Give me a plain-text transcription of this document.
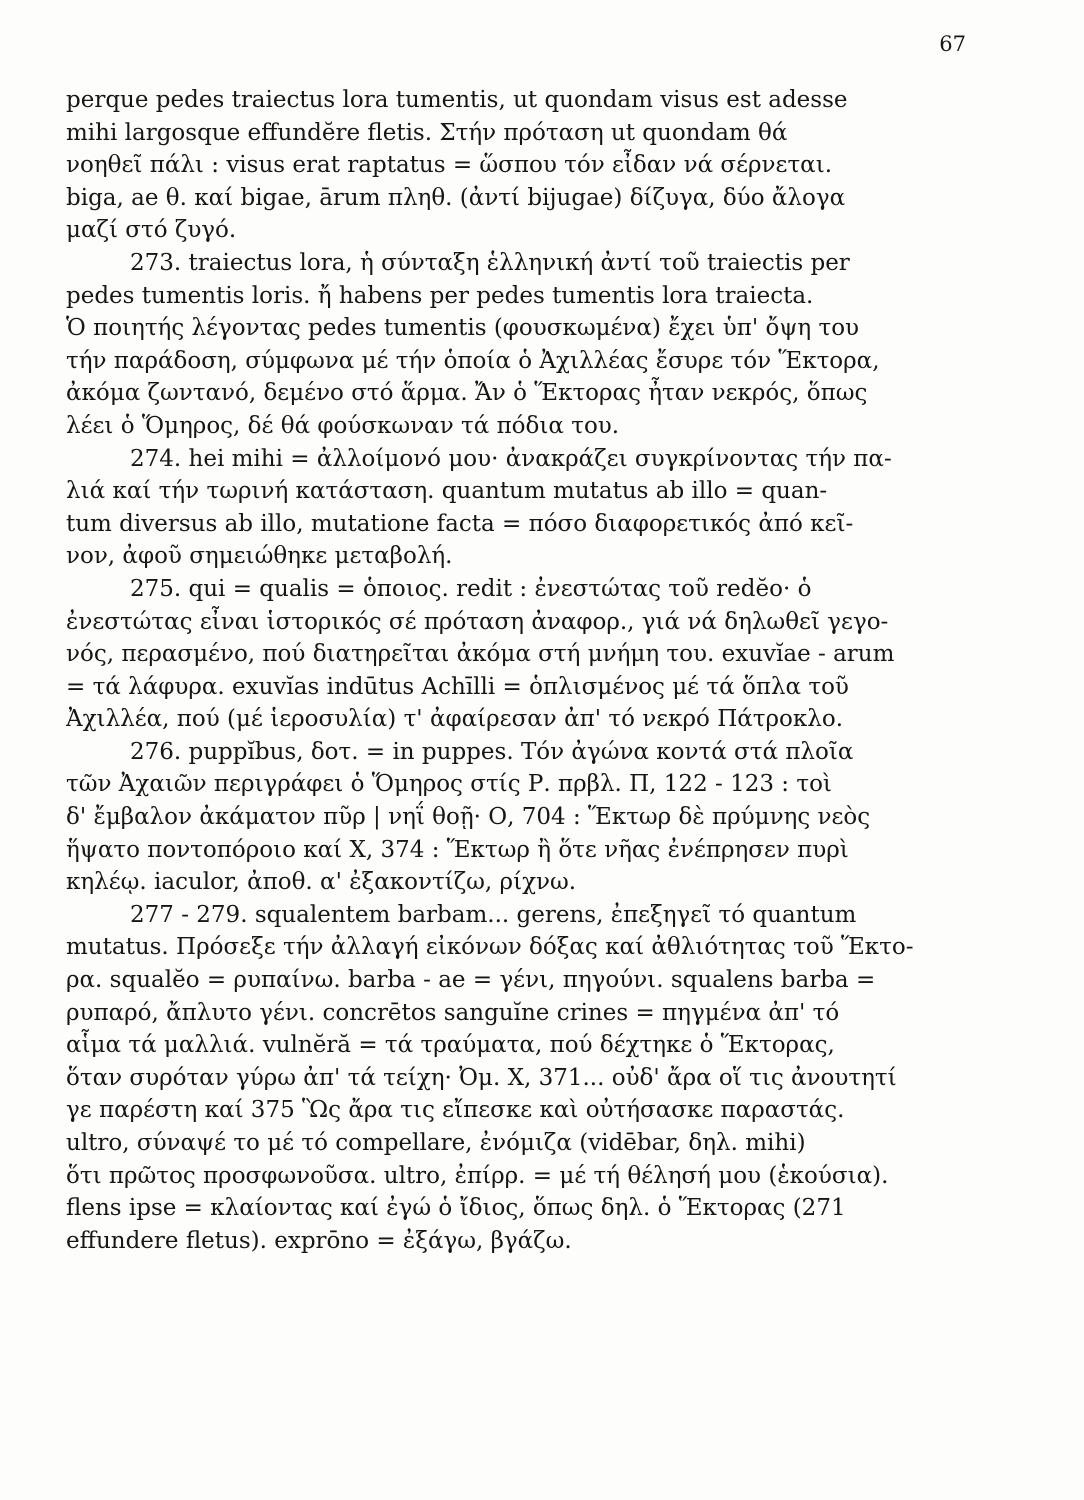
67
perque pedes traiectus lora tumentis, ut quondam visus est adesse
mihi largosque effundĕre fletis. Στήν πρόταση ut quondam θά
νοηθεῖ πάλι : visus erat raptatus = ὥσπου τόν εἶδαν νά σέρνεται.
biga, ae θ. καί bigae, ārum πληθ. (ἀντί bijugae) δίζυγα, δύο ἄλογα
μαζί στό ζυγό.
273. traiectus lora, ἡ σύνταξη ἑλληνική ἀντί τοῦ traiectis per
pedes tumentis loris. ἤ habens per pedes tumentis lora traiecta.
Ὁ ποιητής λέγοντας pedes tumentis (φουσκωμένα) ἔχει ὑπ' ὄψη του
τήν παράδοση, σύμφωνα μέ τήν ὁποία ὁ Ἀχιλλέας ἔσυρε τόν Ἕκτορα,
ἀκόμα ζωντανό, δεμένο στό ἅρμα. Ἄν ὁ Ἕκτορας ἦταν νεκρός, ὅπως
λέει ὁ Ὅμηρος, δέ θά φούσκωναν τά πόδια του.
274. hei mihi = ἀλλοίμονό μου· ἀνακράζει συγκρίνοντας τήν πα-
λιά καί τήν τωρινή κατάσταση. quantum mutatus ab illo = quan-
tum diversus ab illo, mutatione facta = πόσο διαφορετικός ἀπό κεῖ-
νον, ἀφοῦ σημειώθηκε μεταβολή.
275. qui = qualis = ὁποιος. redit : ἐνεστώτας τοῦ redĕo· ὁ
ἐνεστώτας εἶναι ἱστορικός σέ πρόταση ἀναφορ., γιά νά δηλωθεῖ γεγο-
νός, περασμένο, πού διατηρεῖται ἀκόμα στή μνήμη του. exuvĭae - arum
= τά λάφυρα. exuvĭas indūtus Achīlli = ὁπλισμένος μέ τά ὅπλα τοῦ
Ἀχιλλέα, πού (μέ ἱεροσυλία) τ' ἀφαίρεσαν ἀπ' τό νεκρό Πάτροκλο.
276. puppĭbus, δοτ. = in puppes. Τόν ἀγώνα κοντά στά πλοῖα
τῶν Ἀχαιῶν περιγράφει ὁ Ὅμηρος στίς Ρ. πρβλ. Π, 122 - 123 : τοὶ
δ' ἔμβαλον ἀκάματον πῦρ | νηΐ θοῇ· Ο, 704 : Ἕκτωρ δὲ πρύμνης νεὸς
ἥψατο ποντοπόροιο καί Χ, 374 : Ἕκτωρ ἢ ὅτε νῆας ἐνέπρησεν πυρὶ
κηλέῳ. iaculor, ἀποθ. α' ἐξακοντίζω, ρίχνω.
277 - 279. squalentem barbam... gerens, ἐπεξηγεῖ τό quantum
mutatus. Πρόσεξε τήν ἀλλαγή εἰκόνων δόξας καί ἀθλιότητας τοῦ Ἕκτο-
ρα. squalĕo = ρυπαίνω. barba - ae = γένι, πηγούνι. squalens barba =
ρυπαρό, ἄπλυτο γένι. concrētos sanguĭne crines = πηγμένα ἀπ' τό
αἷμα τά μαλλιά. vulnĕră = τά τραύματα, πού δέχτηκε ὁ Ἕκτορας,
ὅταν συρόταν γύρω ἀπ' τά τείχη· Ὀμ. Χ, 371... οὐδ' ἄρα οἵ τις ἀνουτητί
γε παρέστη καί 375 Ὣς ἄρα τις εἴπεσκε καὶ οὐτήσασκε παραστάς.
ultro, σύναψέ το μέ τό compellare, ἐνόμιζα (vidēbar, δηλ. mihi)
ὅτι πρῶτος προσφωνοῦσα. ultro, ἐπίρρ. = μέ τή θέλησή μου (ἑκούσια).
flens ipse = κλαίοντας καί ἐγώ ὁ ἴδιος, ὅπως δηλ. ὁ Ἕκτορας (271
effundere fletus). exprōno = ἐξάγω, βγάζω.
